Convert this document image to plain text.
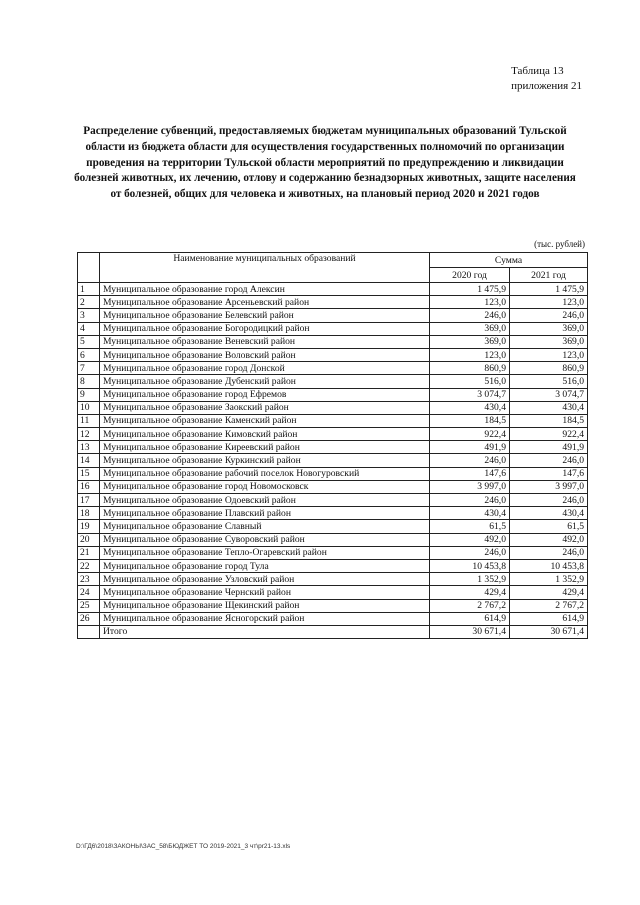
Таблица 13
приложения 21
Распределение субвенций, предоставляемых бюджетам муниципальных образований Тульской области из бюджета области для осуществления государственных полномочий по организации проведения на территории Тульской области мероприятий по предупреждению и ликвидации болезней животных, их лечению, отлову и содержанию безнадзорных животных, защите населения от болезней, общих для человека и животных, на плановый период 2020 и 2021 годов
(тыс. рублей)
	Наименование муниципальных образований	Сумма	
		2020 год	2021 год
1	Муниципальное образование город Алексин	1 475,9	1 475,9
2	Муниципальное образование Арсеньевский район	123,0	123,0
3	Муниципальное образование Белевский район	246,0	246,0
4	Муниципальное образование Богородицкий район	369,0	369,0
5	Муниципальное образование Веневский район	369,0	369,0
6	Муниципальное образование Воловский район	123,0	123,0
7	Муниципальное образование город Донской	860,9	860,9
8	Муниципальное образование Дубенский район	516,0	516,0
9	Муниципальное образование город Ефремов	3 074,7	3 074,7
10	Муниципальное образование Заокский район	430,4	430,4
11	Муниципальное образование Каменский район	184,5	184,5
12	Муниципальное образование Кимовский район	922,4	922,4
13	Муниципальное образование Киреевский район	491,9	491,9
14	Муниципальное образование Куркинский район	246,0	246,0
15	Муниципальное образование рабочий поселок Новогуровский	147,6	147,6
16	Муниципальное образование город Новомосковск	3 997,0	3 997,0
17	Муниципальное образование Одоевский район	246,0	246,0
18	Муниципальное образование Плавский район	430,4	430,4
19	Муниципальное образование Славный	61,5	61,5
20	Муниципальное образование Суворовский район	492,0	492,0
21	Муниципальное образование Тепло-Огаревский район	246,0	246,0
22	Муниципальное образование город Тула	10 453,8	10 453,8
23	Муниципальное образование Узловский район	1 352,9	1 352,9
24	Муниципальное образование Чернский район	429,4	429,4
25	Муниципальное образование Щекинский район	2 767,2	2 767,2
26	Муниципальное образование Ясногорский район	614,9	614,9
	Итого	30 671,4	30 671,4
D:\ГД6\2018\ЗАКОНЫ\ЗАС_58\БЮДЖЕТ ТО 2019-2021_3 чт\pr21-13.xls
